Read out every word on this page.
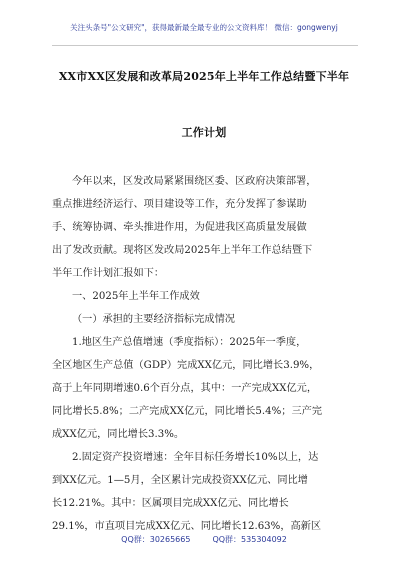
关注头条号"公文研究"，获得最新最全最专业的公文资料库！ 微信：gongwenyj
XX市XX区发展和改革局2025年上半年工作总结暨下半年
工作计划
今年以来，区发改局紧紧围绕区委、区政府决策部署，
重点推进经济运行、项目建设等工作，充分发挥了参谋助
手、统筹协调、牵头推进作用，为促进我区高质量发展做
出了发改贡献。现将区发改局2025年上半年工作总结暨下
半年工作计划汇报如下：
一、2025年上半年工作成效
（一）承担的主要经济指标完成情况
1.地区生产总值增速（季度指标）：2025年一季度，
全区地区生产总值（GDP）完成XX亿元，同比增长3.9%，
高于上年同期增速0.6个百分点，其中：一产完成XX亿元，
同比增长5.8%；二产完成XX亿元，同比增长5.4%；三产完
成XX亿元，同比增长3.3%。
2.固定资产投资增速：全年目标任务增长10%以上，达
到XX亿元。1—5月，全区累计完成投资XX亿元、同比增
长12.21%。其中：区属项目完成XX亿元、同比增长
29.1%，市直项目完成XX亿元、同比增长12.63%，高新区
QQ群：30265665	QQ群：535304092
